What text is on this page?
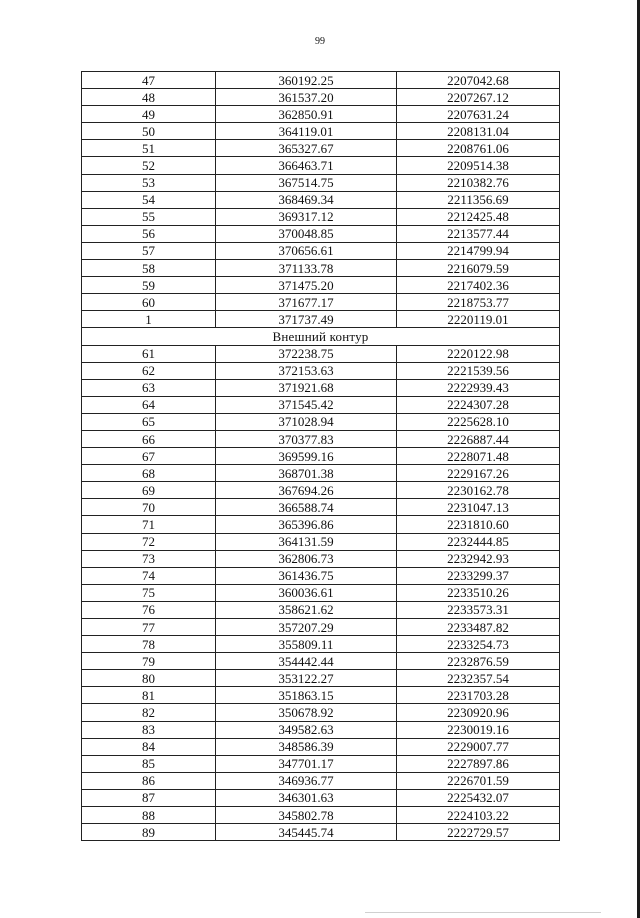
99
47	360192.25	2207042.68
48	361537.20	2207267.12
49	362850.91	2207631.24
50	364119.01	2208131.04
51	365327.67	2208761.06
52	366463.71	2209514.38
53	367514.75	2210382.76
54	368469.34	2211356.69
55	369317.12	2212425.48
56	370048.85	2213577.44
57	370656.61	2214799.94
58	371133.78	2216079.59
59	371475.20	2217402.36
60	371677.17	2218753.77
1	371737.49	2220119.01
Внешний контур		
61	372238.75	2220122.98
62	372153.63	2221539.56
63	371921.68	2222939.43
64	371545.42	2224307.28
65	371028.94	2225628.10
66	370377.83	2226887.44
67	369599.16	2228071.48
68	368701.38	2229167.26
69	367694.26	2230162.78
70	366588.74	2231047.13
71	365396.86	2231810.60
72	364131.59	2232444.85
73	362806.73	2232942.93
74	361436.75	2233299.37
75	360036.61	2233510.26
76	358621.62	2233573.31
77	357207.29	2233487.82
78	355809.11	2233254.73
79	354442.44	2232876.59
80	353122.27	2232357.54
81	351863.15	2231703.28
82	350678.92	2230920.96
83	349582.63	2230019.16
84	348586.39	2229007.77
85	347701.17	2227897.86
86	346936.77	2226701.59
87	346301.63	2225432.07
88	345802.78	2224103.22
89	345445.74	2222729.57
